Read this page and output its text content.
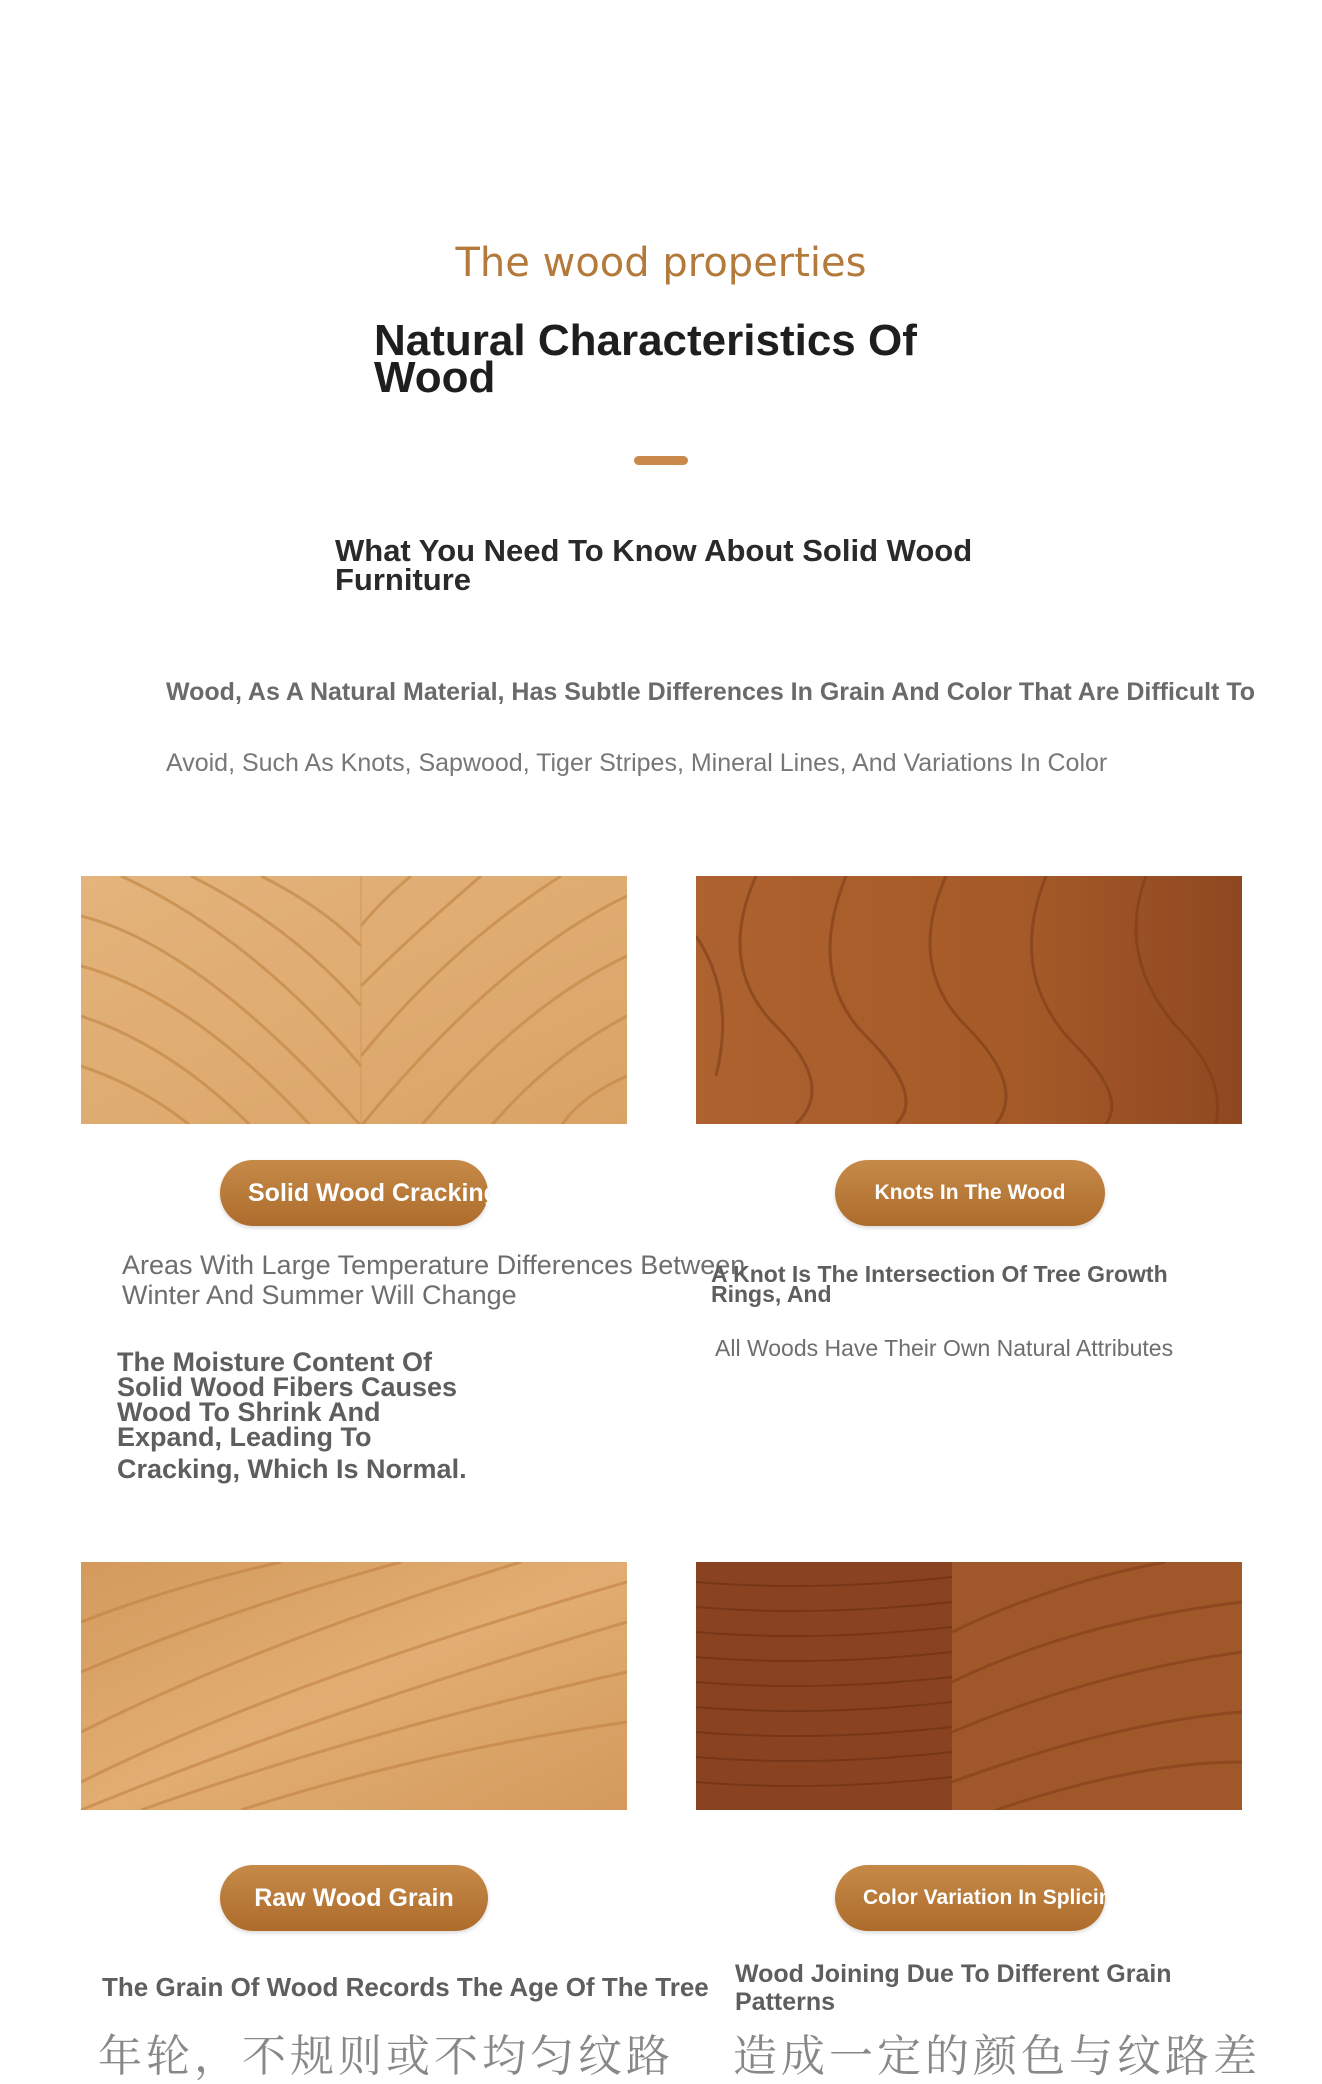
The wood properties
Natural Characteristics Of Wood
What You Need To Know About Solid Wood Furniture
Wood, As A Natural Material, Has Subtle Differences In Grain And Color That Are Difficult To
Avoid, Such As Knots, Sapwood, Tiger Stripes, Mineral Lines, And Variations In Color
Solid Wood Cracking
Areas With Large Temperature Differences Between Winter And Summer Will Change
The Moisture Content Of Solid Wood Fibers Causes Wood To Shrink And Expand, Leading To
Cracking, Which Is Normal.
Knots In The Wood
A Knot Is The Intersection Of Tree Growth Rings, And
All Woods Have Their Own Natural Attributes
Raw Wood Grain
The Grain Of Wood Records The Age Of The Tree
年轮，不规则或不均匀纹路
Color Variation In Splicing
Wood Joining Due To Different Grain Patterns
造成一定的颜色与纹路差
